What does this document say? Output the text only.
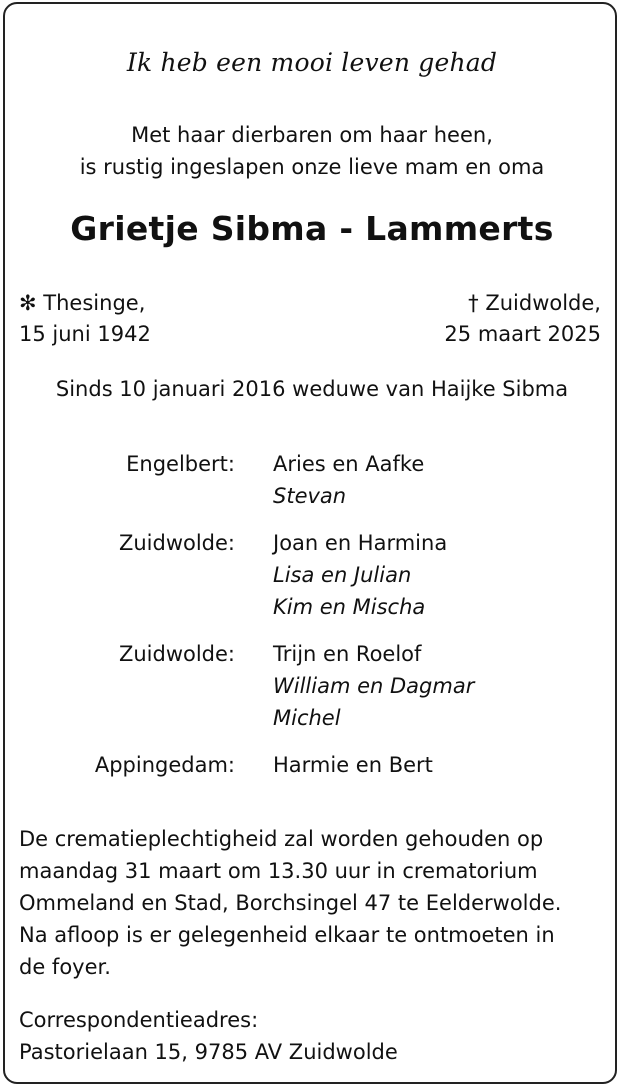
Ik heb een mooi leven gehad
Met haar dierbaren om haar heen,
is rustig ingeslapen onze lieve mam en oma
Grietje Sibma - Lammerts
✻ Thesinge,
15 juni 1942
† Zuidwolde,
25 maart 2025
Sinds 10 januari 2016 weduwe van Haijke Sibma
Engelbert: Aries en Aafke
Stevan
Zuidwolde: Joan en Harmina
Lisa en Julian
Kim en Mischa
Zuidwolde: Trijn en Roelof
William en Dagmar
Michel
Appingedam: Harmie en Bert
De crematieplechtigheid zal worden gehouden op
maandag 31 maart om 13.30 uur in crematorium
Ommeland en Stad, Borchsingel 47 te Eelderwolde.
Na afloop is er gelegenheid elkaar te ontmoeten in
de foyer.
Correspondentieadres:
Pastorielaan 15, 9785 AV Zuidwolde
